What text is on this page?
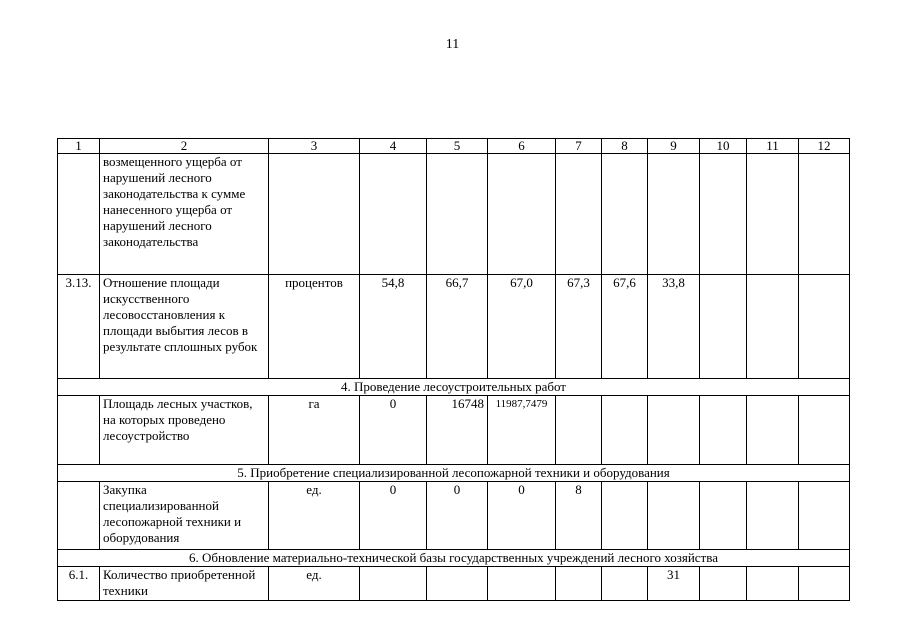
11
1	2	3	4	5	6	7	8	9	10	11	12
	возмещенного ущерба от нарушений лесного законодательства к сумме нанесенного ущерба от нарушений лесного законодательства										
3.13.	Отношение площади искусственного лесовосстановления к площади выбытия лесов в результате сплошных рубок	процентов	54,8	66,7	67,0	67,3	67,6	33,8			
4. Проведение лесоустроительных работ											
	Площадь лесных участков, на которых проведено лесоустройство	га	0	16748	11987,7479						
5. Приобретение специализированной лесопожарной техники и оборудования											
	Закупка специализированной лесопожарной техники и оборудования	ед.	0	0	0	8					
6. Обновление материально-технической базы государственных учреждений лесного хозяйства											
6.1.	Количество приобретенной техники	ед.						31			
